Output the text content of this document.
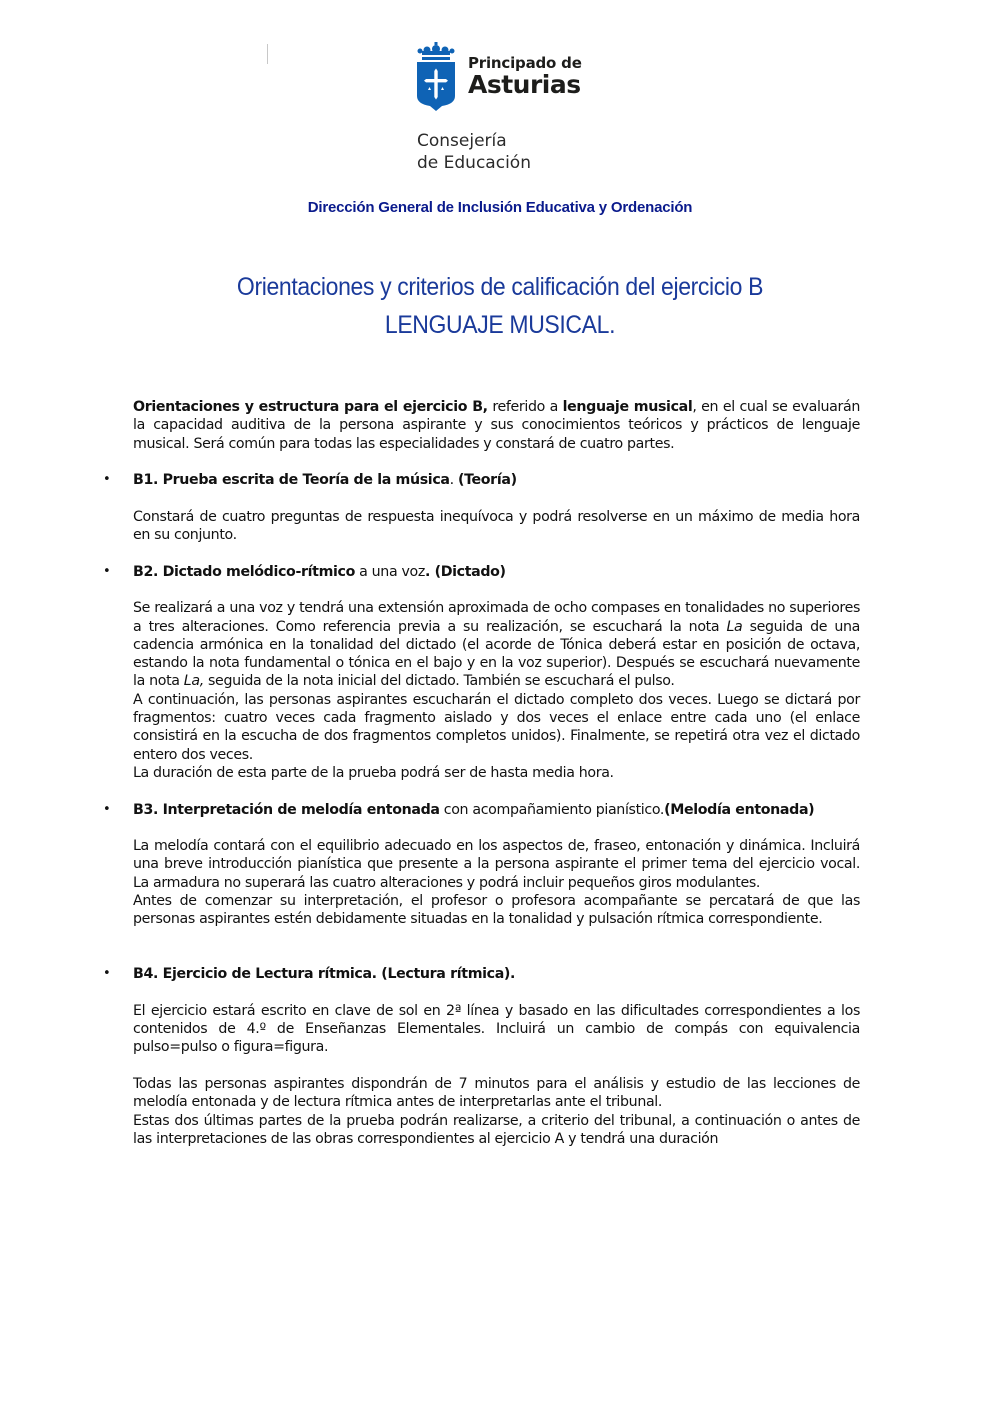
Principado de
Asturias
Consejería
de Educación
Dirección General de Inclusión Educativa y Ordenación
Orientaciones y criterios de calificación del ejercicio B
LENGUAJE MUSICAL.

Orientaciones y estructura para el ejercicio B, referido a lenguaje musical, en el cual se evaluarán la capacidad auditiva de la persona aspirante y sus conocimientos teóricos y prácticos de lenguaje musical. Será común para todas las especialidades y constará de cuatro partes.

• B1. Prueba escrita de Teoría de la música. (Teoría)

Constará de cuatro preguntas de respuesta inequívoca y podrá resolverse en un máximo de media hora en su conjunto.

• B2. Dictado melódico-rítmico a una voz. (Dictado)

Se realizará a una voz y tendrá una extensión aproximada de ocho compases en tonalidades no superiores a tres alteraciones. Como referencia previa a su realización, se escuchará la nota La seguida de una cadencia armónica en la tonalidad del dictado (el acorde de Tónica deberá estar en posición de octava, estando la nota fundamental o tónica en el bajo y en la voz superior). Después se escuchará nuevamente la nota La, seguida de la nota inicial del dictado. También se escuchará el pulso.

A continuación, las personas aspirantes escucharán el dictado completo dos veces. Luego se dictará por fragmentos: cuatro veces cada fragmento aislado y dos veces el enlace entre cada uno (el enlace consistirá en la escucha de dos fragmentos completos unidos). Finalmente, se repetirá otra vez el dictado entero dos veces.

La duración de esta parte de la prueba podrá ser de hasta media hora.

• B3. Interpretación de melodía entonada con acompañamiento pianístico.(Melodía entonada)

La melodía contará con el equilibrio adecuado en los aspectos de, fraseo, entonación y dinámica. Incluirá una breve introducción pianística que presente a la persona aspirante el primer tema del ejercicio vocal. La armadura no superará las cuatro alteraciones y podrá incluir pequeños giros modulantes.

Antes de comenzar su interpretación, el profesor o profesora acompañante se percatará de que las personas aspirantes estén debidamente situadas en la tonalidad y pulsación rítmica correspondiente.

• B4. Ejercicio de Lectura rítmica. (Lectura rítmica).

El ejercicio estará escrito en clave de sol en 2ª línea y basado en las dificultades correspondientes a los contenidos de 4.º de Enseñanzas Elementales. Incluirá un cambio de compás con equivalencia pulso=pulso o figura=figura.

Todas las personas aspirantes dispondrán de 7 minutos para el análisis y estudio de las lecciones de melodía entonada y de lectura rítmica antes de interpretarlas ante el tribunal.

Estas dos últimas partes de la prueba podrán realizarse, a criterio del tribunal, a continuación o antes de las interpretaciones de las obras correspondientes al ejercicio A y tendrá una duración
